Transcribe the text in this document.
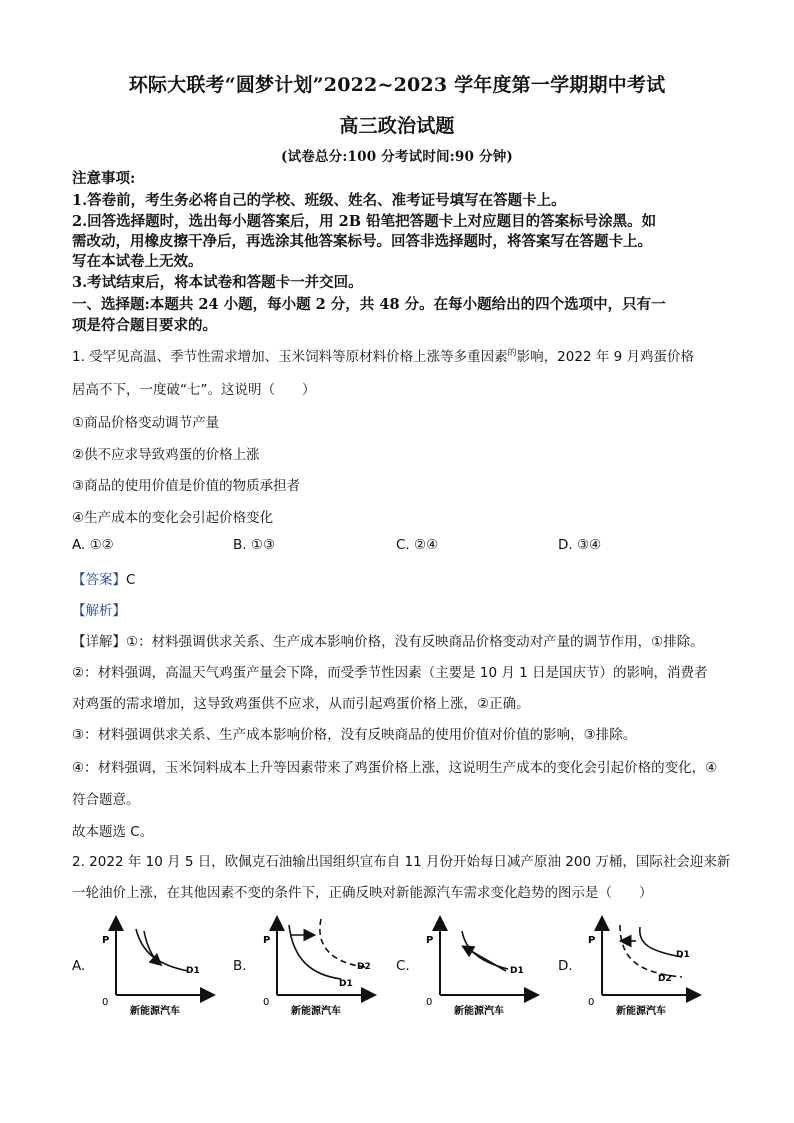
环际大联考“圆梦计划”2022~2023 学年度第一学期期中考试
高三政治试题
(试卷总分:100 分考试时间:90 分钟)
注意事项:
1.答卷前，考生务必将自己的学校、班级、姓名、准考证号填写在答题卡上。
2.回答选择题时，选出每小题答案后，用 2B 铅笔把答题卡上对应题目的答案标号涂黑。如
需改动，用橡皮擦干净后，再选涂其他答案标号。回答非选择题时，将答案写在答题卡上。
写在本试卷上无效。
3.考试结束后，将本试卷和答题卡一并交回。
一、选择题:本题共 24 小题，每小题 2 分，共 48 分。在每小题给出的四个选项中，只有一
项是符合题目要求的。
1. 受罕见高温、季节性需求增加、玉米饲料等原材料价格上涨等多重因素$^的$影响，2022 年 9 月鸡蛋价格
居高不下，一度破“七”。这说明（　　）
①商品价格变动调节产量
②供不应求导致鸡蛋的价格上涨
③商品的使用价值是价值的物质承担者
④生产成本的变化会引起价格变化
A. ①②	B. ①③	C. ②④	D. ③④
【答案】C
【解析】
【详解】①：材料强调供求关系、生产成本影响价格，没有反映商品价格变动对产量的调节作用，①排除。
②：材料强调，高温天气鸡蛋产量会下降，而受季节性因素（主要是 10 月 1 日是国庆节）的影响，消费者
对鸡蛋的需求增加，这导致鸡蛋供不应求，从而引起鸡蛋价格上涨，②正确。
③：材料强调供求关系、生产成本影响价格，没有反映商品的使用价值对价值的影响，③排除。
④：材料强调，玉米饲料成本上升等因素带来了鸡蛋价格上涨，这说明生产成本的变化会引起价格的变化，④
符合题意。
故本题选 C。
2. 2022 年 10 月 5 日，欧佩克石油输出国组织宣布自 11 月份开始每日减产原油 200 万桶，国际社会迎来新
一轮油价上涨，在其他因素不变的条件下，正确反映对新能源汽车需求变化趋势的图示是（　　）
A.	B.	C.	D.
P
0
新能源汽车
D1
P
0
新能源汽车
D1
D2
P
0
新能源汽车
D1
P
0
新能源汽车
D1
D2
